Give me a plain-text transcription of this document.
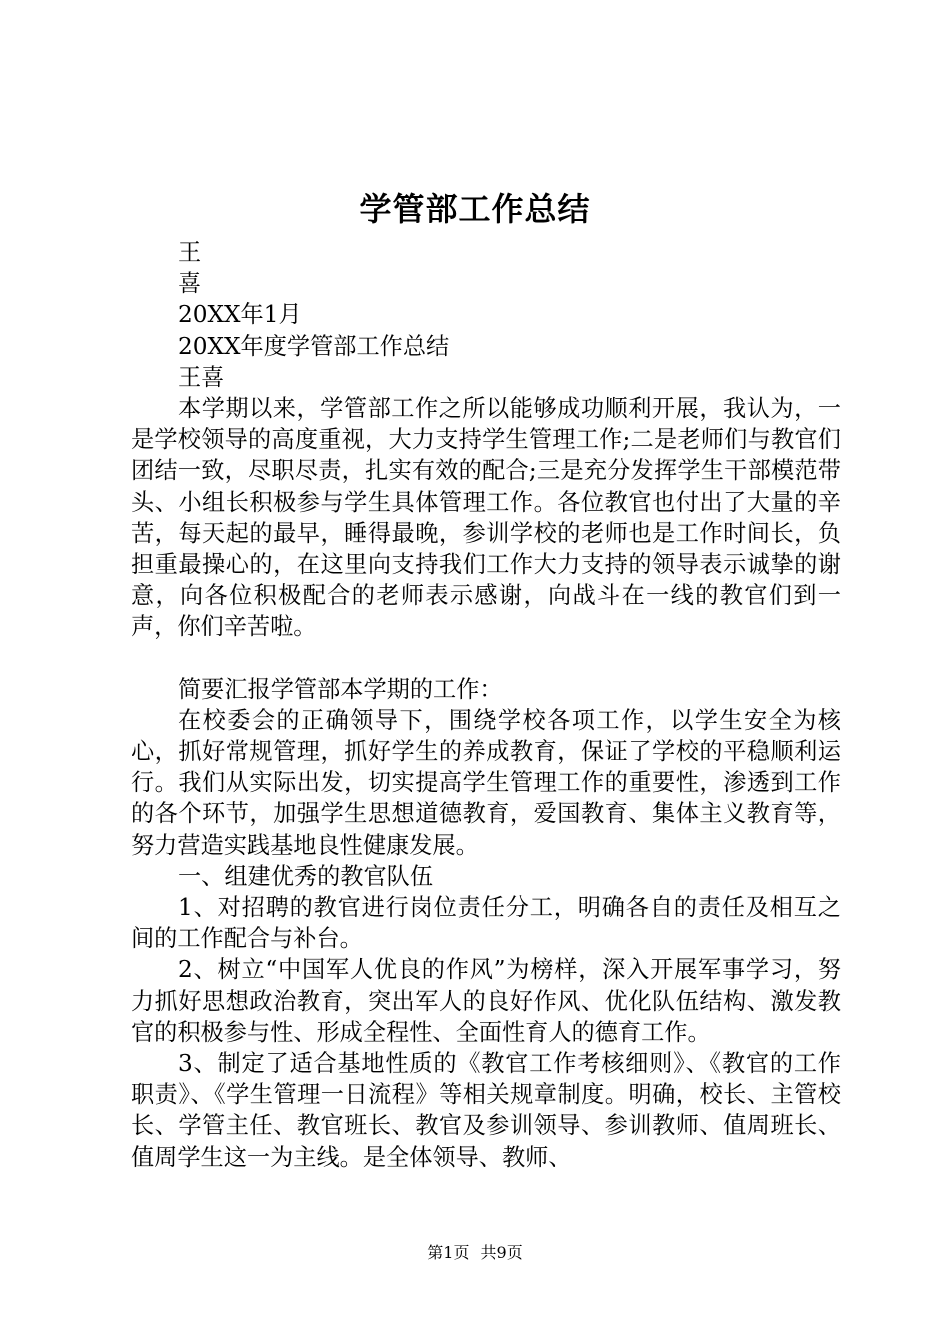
学管部工作总结

王

喜

20XX年1月

20XX年度学管部工作总结

王喜

本学期以来，学管部工作之所以能够成功顺利开展，我认为，一是学校领导的高度重视，大力支持学生管理工作;二是老师们与教官们团结一致，尽职尽责，扎实有效的配合;三是充分发挥学生干部模范带头、小组长积极参与学生具体管理工作。各位教官也付出了大量的辛苦，每天起的最早，睡得最晚，参训学校的老师也是工作时间长，负担重最操心的，在这里向支持我们工作大力支持的领导表示诚挚的谢意，向各位积极配合的老师表示感谢，向战斗在一线的教官们到一声，你们辛苦啦。

简要汇报学管部本学期的工作：

在校委会的正确领导下，围绕学校各项工作，以学生安全为核心，抓好常规管理，抓好学生的养成教育，保证了学校的平稳顺利运行。我们从实际出发，切实提高学生管理工作的重要性，渗透到工作的各个环节，加强学生思想道德教育，爱国教育、集体主义教育等，努力营造实践基地良性健康发展。

一、组建优秀的教官队伍

1、对招聘的教官进行岗位责任分工，明确各自的责任及相互之间的工作配合与补台。

2、树立“中国军人优良的作风”为榜样，深入开展军事学习，努力抓好思想政治教育，突出军人的良好作风、优化队伍结构、激发教官的积极参与性、形成全程性、全面性育人的德育工作。

3、制定了适合基地性质的《教官工作考核细则》、《教官的工作职责》、《学生管理一日流程》等相关规章制度。明确，校长、主管校长、学管主任、教官班长、教官及参训领导、参训教师、值周班长、值周学生这一为主线。是全体领导、教师、

第1页 共9页
